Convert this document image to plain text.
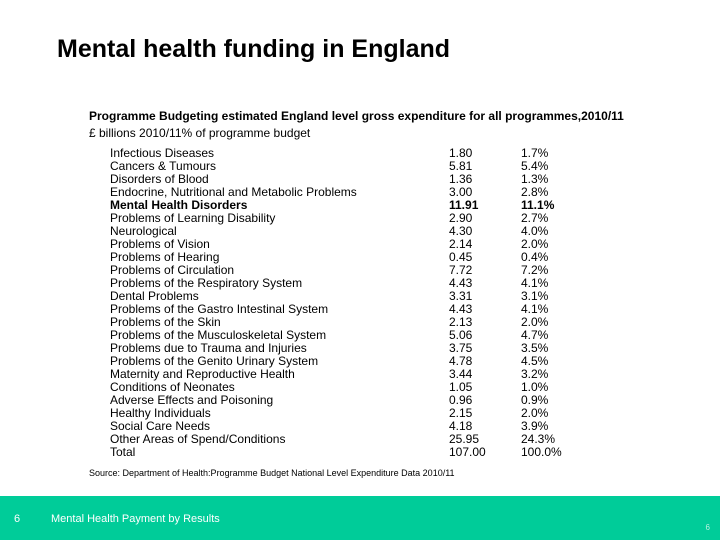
Mental health funding in England
Programme Budgeting estimated England level gross expenditure for all programmes,2010/11
£ billions 2010/11% of programme budget
Infectious Diseases	1.80	1.7%
Cancers & Tumours	5.81	5.4%
Disorders of Blood	1.36	1.3%
Endocrine, Nutritional and Metabolic Problems	3.00	2.8%
Mental Health Disorders	11.91	11.1%
Problems of Learning Disability	2.90	2.7%
Neurological	4.30	4.0%
Problems of Vision	2.14	2.0%
Problems of Hearing	0.45	0.4%
Problems of Circulation	7.72	7.2%
Problems of the Respiratory System	4.43	4.1%
Dental Problems	3.31	3.1%
Problems of the Gastro Intestinal System	4.43	4.1%
Problems of the Skin	2.13	2.0%
Problems of the Musculoskeletal System	5.06	4.7%
Problems due to Trauma and Injuries	3.75	3.5%
Problems of the Genito Urinary System	4.78	4.5%
Maternity and Reproductive Health	3.44	3.2%
Conditions of Neonates	1.05	1.0%
Adverse Effects and Poisoning	0.96	0.9%
Healthy Individuals	2.15	2.0%
Social Care Needs	4.18	3.9%
Other Areas of Spend/Conditions	25.95	24.3%
Total	107.00	100.0%
Source: Department of Health:Programme Budget National Level Expenditure Data 2010/11
6	Mental Health Payment by Results
6
